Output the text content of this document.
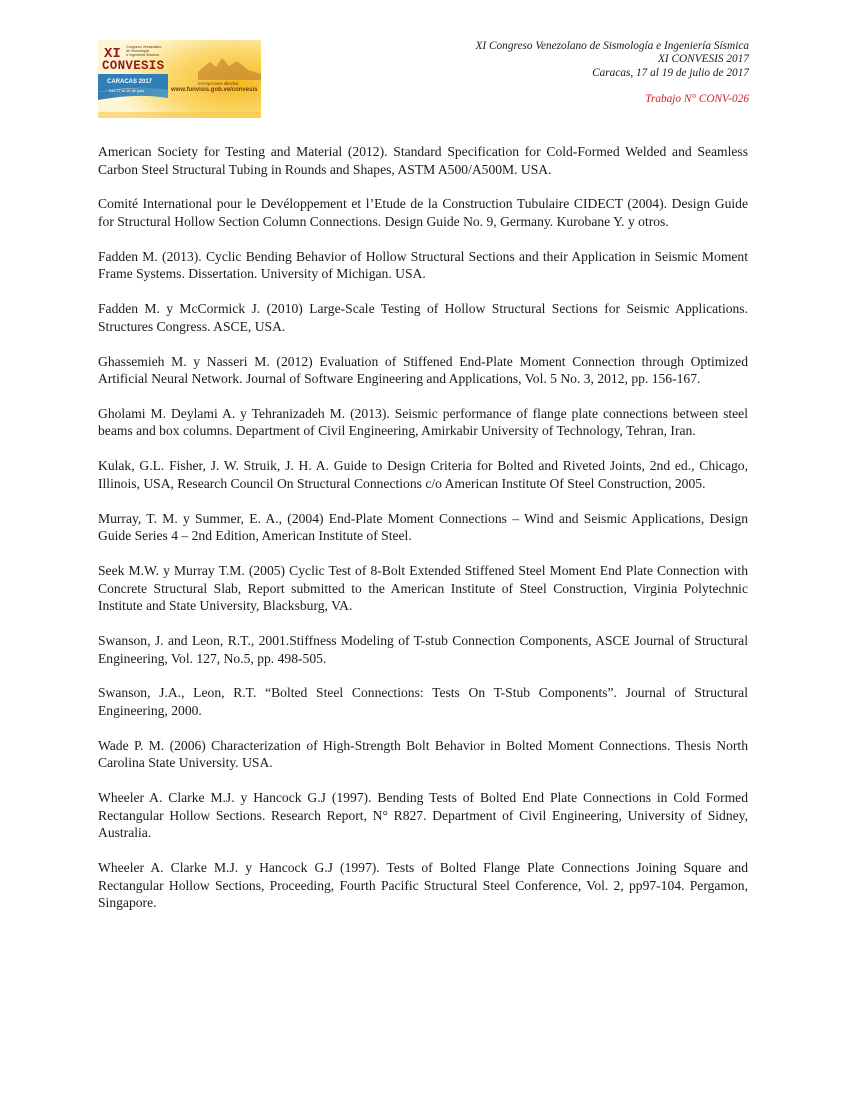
XI
CONVESIS
Congreso Venezolano
de Sismología
e Ingeniería Sísmica
CARACAS 2017
Del 17 al 19 de julio
Inscripciones abiertas
www.funvisis.gob.ve/convesis
XI Congreso Venezolano de Sismología e Ingeniería Sísmica
XI CONVESIS 2017
Caracas, 17 al 19 de julio de 2017
Trabajo N° CONV-026

American Society for Testing and Material (2012). Standard Specification for Cold-Formed Welded and Seamless Carbon Steel Structural Tubing in Rounds and Shapes, ASTM A500/A500M. USA.

Comité International pour le Devéloppement et l’Etude de la Construction Tubulaire CIDECT (2004). Design Guide for Structural Hollow Section Column Connections. Design Guide No. 9, Germany. Kurobane Y. y otros.

Fadden M. (2013). Cyclic Bending Behavior of Hollow Structural Sections and their Application in Seismic Moment Frame Systems. Dissertation. University of Michigan. USA.

Fadden M. y McCormick J. (2010) Large-Scale Testing of Hollow Structural Sections for Seismic Applications. Structures Congress. ASCE, USA.

Ghassemieh M. y Nasseri M. (2012) Evaluation of Stiffened End-Plate Moment Connection through Optimized Artificial Neural Network. Journal of Software Engineering and Applications, Vol. 5 No. 3, 2012, pp. 156-167.

Gholami M. Deylami A. y Tehranizadeh M. (2013). Seismic performance of flange plate connections between steel beams and box columns. Department of Civil Engineering, Amirkabir University of Technology, Tehran, Iran.

Kulak, G.L. Fisher, J. W. Struik, J. H. A. Guide to Design Criteria for Bolted and Riveted Joints, 2nd ed., Chicago, Illinois, USA, Research Council On Structural Connections c/o American Institute Of Steel Construction, 2005.

Murray, T. M. y Summer, E. A., (2004) End-Plate Moment Connections – Wind and Seismic Applications, Design Guide Series 4 – 2nd Edition, American Institute of Steel.

Seek M.W. y Murray T.M. (2005) Cyclic Test of 8-Bolt Extended Stiffened Steel Moment End Plate Connection with Concrete Structural Slab, Report submitted to the American Institute of Steel Construction, Virginia Polytechnic Institute and State University, Blacksburg, VA.

Swanson, J. and Leon, R.T., 2001.Stiffness Modeling of T-stub Connection Components, ASCE Journal of Structural Engineering, Vol. 127, No.5, pp. 498-505.

Swanson, J.A., Leon, R.T. “Bolted Steel Connections: Tests On T-Stub Components”. Journal of Structural Engineering, 2000.

Wade P. M. (2006) Characterization of High-Strength Bolt Behavior in Bolted Moment Connections. Thesis North Carolina State University. USA.

Wheeler A. Clarke M.J. y Hancock G.J (1997). Bending Tests of Bolted End Plate Connections in Cold Formed Rectangular Hollow Sections. Research Report, N° R827. Department of Civil Engineering, University of Sidney, Australia.

Wheeler A. Clarke M.J. y Hancock G.J (1997). Tests of Bolted Flange Plate Connections Joining Square and Rectangular Hollow Sections, Proceeding, Fourth Pacific Structural Steel Conference, Vol. 2, pp97-104. Pergamon, Singapore.
